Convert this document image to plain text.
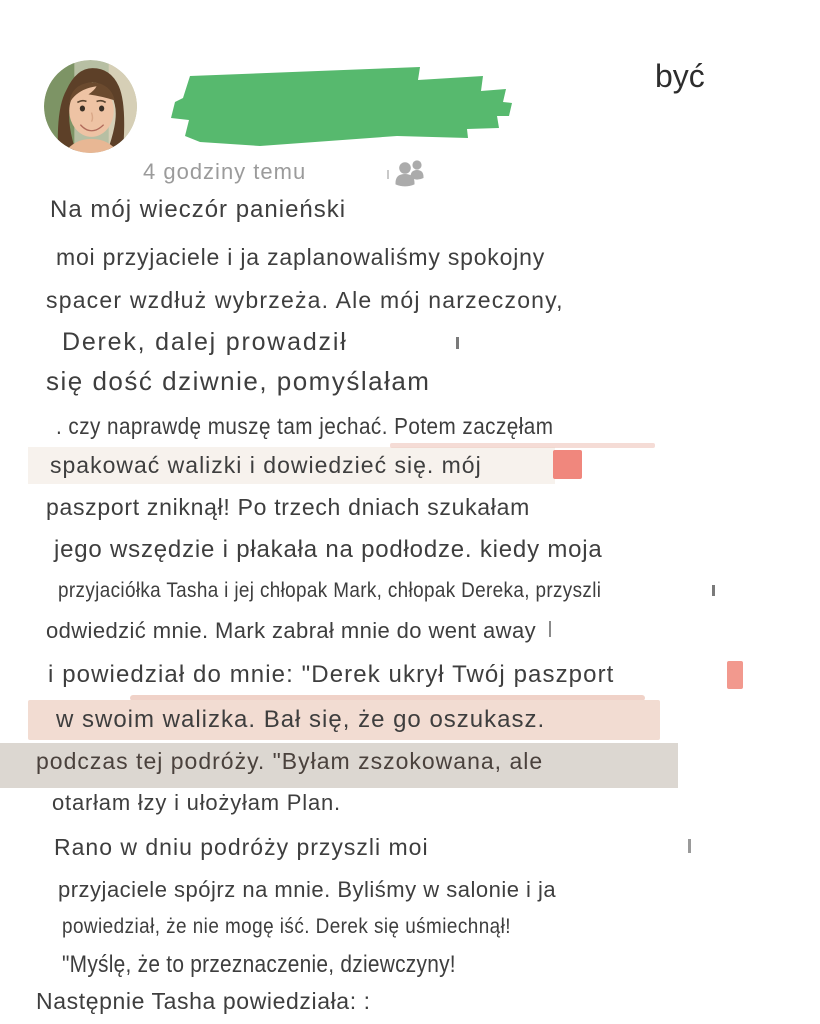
być
4 godziny temu
Na mój wieczór panieński
moi przyjaciele i ja zaplanowaliśmy spokojny
spacer wzdłuż wybrzeża. Ale mój narzeczony,
Derek, dalej prowadził
się dość dziwnie, pomyślałam
. czy naprawdę muszę tam jechać. Potem zaczęłam
spakować walizki i dowiedzieć się. mój
paszport zniknął! Po trzech dniach szukałam
jego wszędzie i płakała na podłodze. kiedy moja
przyjaciółka Tasha i jej chłopak Mark, chłopak Dereka, przyszli
odwiedzić mnie. Mark zabrał mnie do went away
i powiedział do mnie: "Derek ukrył Twój paszport
w swoim walizka. Bał się, że go oszukasz.
podczas tej podróży. "Byłam zszokowana, ale
otarłam łzy i ułożyłam Plan.
Rano w dniu podróży przyszli moi
przyjaciele spójrz na mnie. Byliśmy w salonie i ja
powiedział, że nie mogę iść. Derek się uśmiechnął!
"Myślę, że to przeznaczenie, dziewczyny!
Następnie Tasha powiedziała: :
